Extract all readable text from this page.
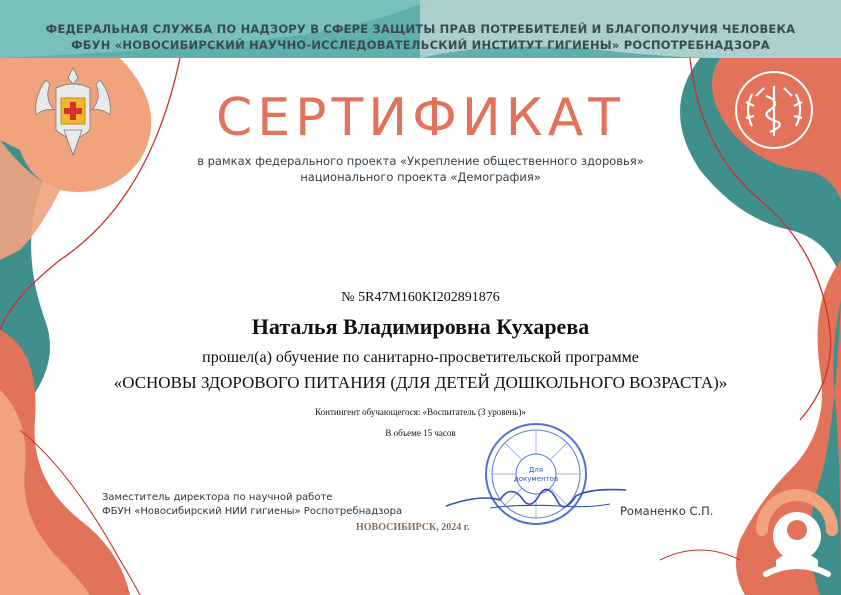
ФЕДЕРАЛЬНАЯ СЛУЖБА ПО НАДЗОРУ В СФЕРЕ ЗАЩИТЫ ПРАВ ПОТРЕБИТЕЛЕЙ И БЛАГОПОЛУЧИЯ ЧЕЛОВЕКА
ФБУН «НОВОСИБИРСКИЙ НАУЧНО-ИССЛЕДОВАТЕЛЬСКИЙ ИНСТИТУТ ГИГИЕНЫ» РОСПОТРЕБНАДЗОРА
СЕРТИФИКАТ
в рамках федерального проекта «Укрепление общественного здоровья»
национального проекта «Демография»
№ 5R47M160KI202891876
Наталья Владимировна Кухарева
прошел(а) обучение по санитарно-просветительской программе
«ОСНОВЫ ЗДОРОВОГО ПИТАНИЯ (ДЛЯ ДЕТЕЙ ДОШКОЛЬНОГО ВОЗРАСТА)»
Контингент обучающегося: «Воспитатель (3 уровень)»
В объеме 15 часов
Для
документов
Заместитель директора по научной работе
ФБУН «Новосибирский НИИ гигиены» Роспотребнадзора	Романенко С.П.
НОВОСИБИРСК, 2024 г.
